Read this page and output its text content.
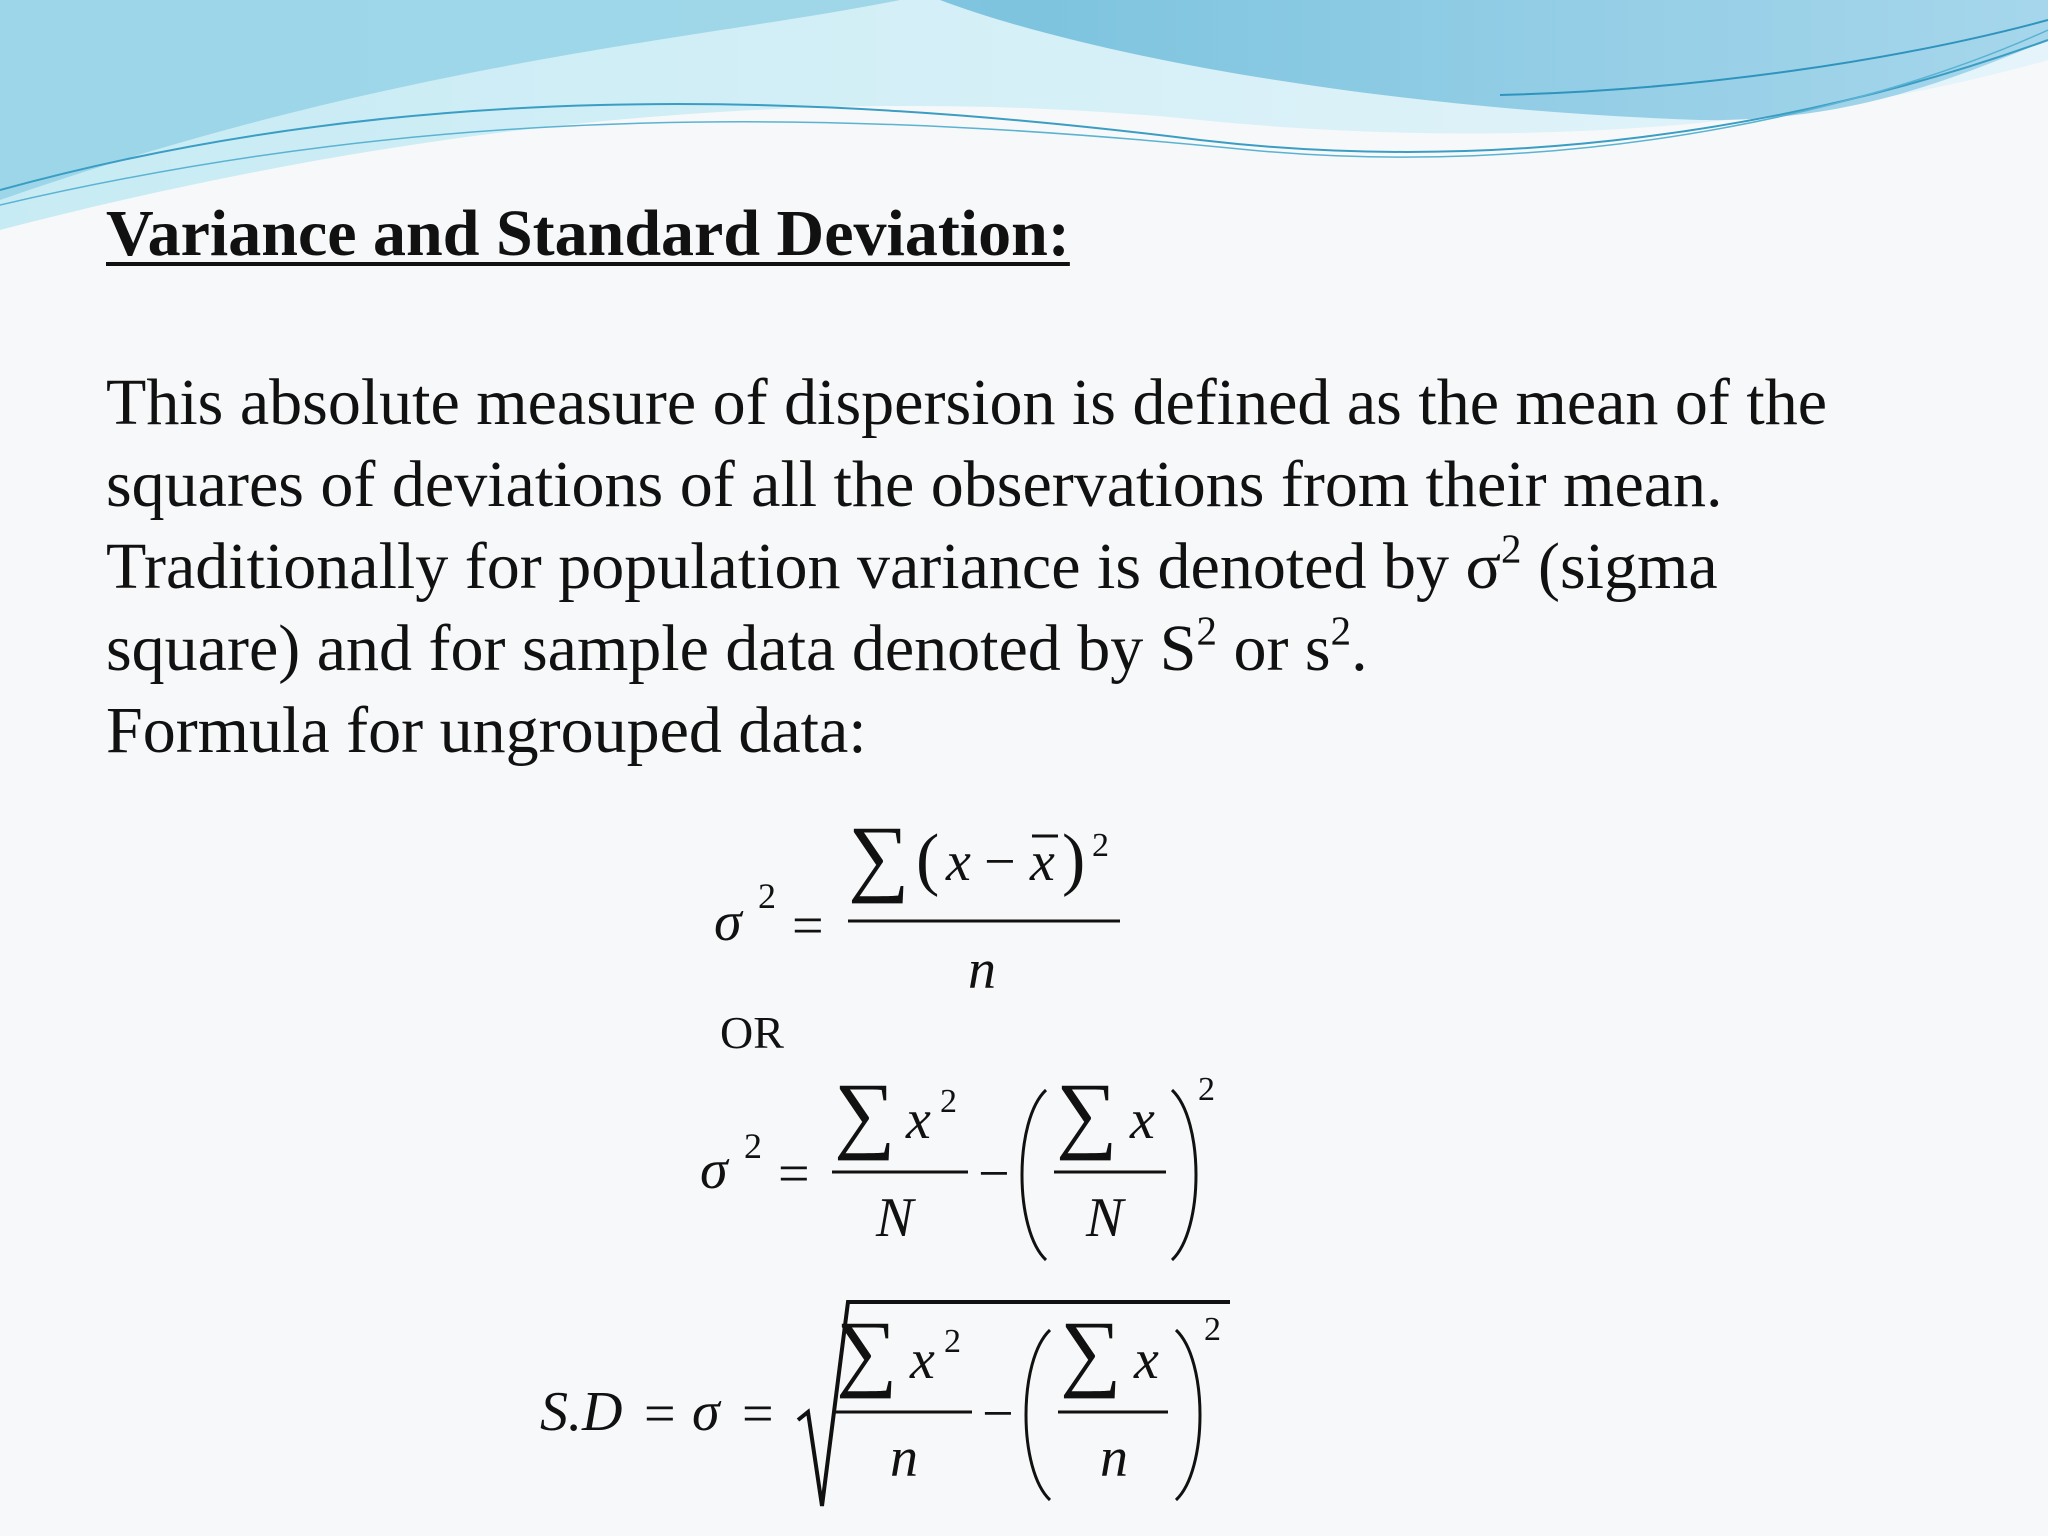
Variance and Standard Deviation:

This absolute measure of dispersion is defined as the mean of the

squares of deviations of all the observations from their mean.

Traditionally for population variance is denoted by $\sigma^2$ (sigma

square) and for sample data denoted by $S^2$ or $s^2$.

Formula for ungrouped data:

σ 2 =
∑ ( x − x ) 2
n
OR
σ 2 =
∑ x 2
N
−
∑ x
N
2
S.D = σ =
∑ x 2
n
−
∑ x
n
2
